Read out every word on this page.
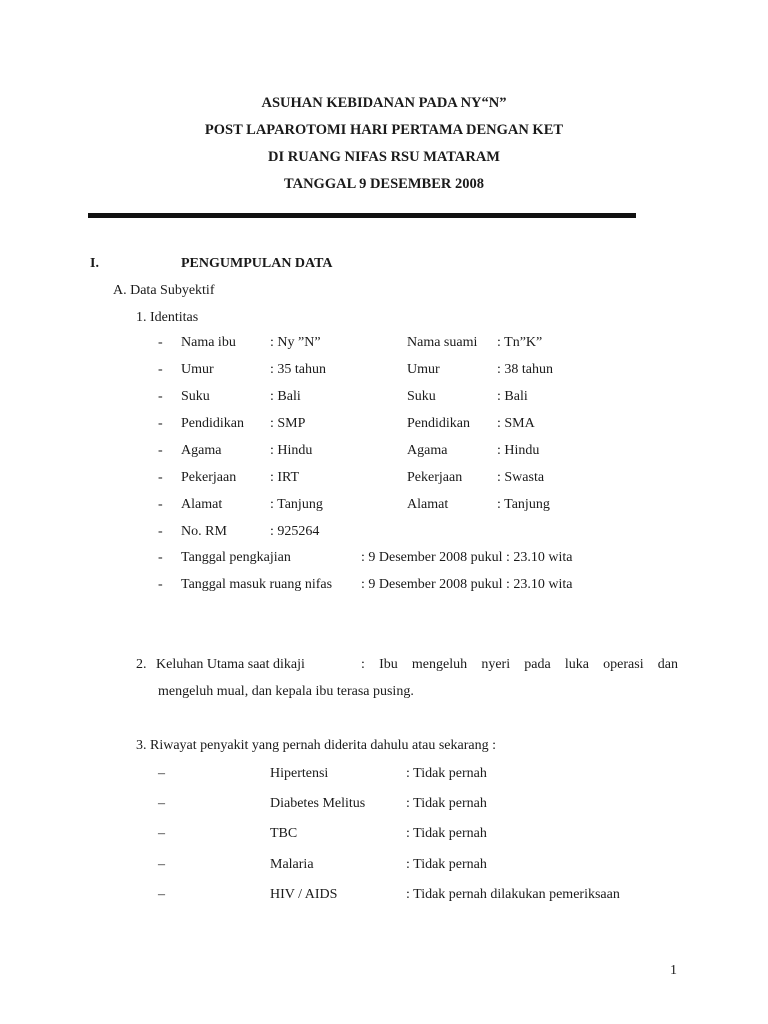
ASUHAN KEBIDANAN PADA NY“N”
POST LAPAROTOMI HARI PERTAMA DENGAN KET
DI RUANG NIFAS RSU MATARAM
TANGGAL 9 DESEMBER 2008
I.	PENGUMPULAN DATA
A. Data Subyektif
1. Identitas
- Nama ibu : Ny ”N”	Nama suami : Tn”K”
- Umur	: 35 tahun	Umur	: 38 tahun
- Suku	: Bali	Suku	: Bali
- Pendidikan : SMP	Pendidikan : SMA
- Agama	: Hindu	Agama	: Hindu
- Pekerjaan : IRT	Pekerjaan : Swasta
- Alamat	: Tanjung	Alamat	: Tanjung
- No. RM	: 925264
- Tanggal pengkajian	: 9 Desember 2008 pukul : 23.10 wita
- Tanggal masuk ruang nifas : 9 Desember 2008 pukul : 23.10 wita
2. Keluhan Utama saat dikaji	: Ibu mengeluh nyeri pada luka operasi dan
mengeluh mual, dan kepala ibu terasa pusing.
3. Riwayat penyakit yang pernah diderita dahulu atau sekarang :
–	Hipertensi	: Tidak pernah
–	Diabetes Melitus	: Tidak pernah
–	TBC	: Tidak pernah
–	Malaria	: Tidak pernah
–	HIV / AIDS	: Tidak pernah dilakukan pemeriksaan
1
